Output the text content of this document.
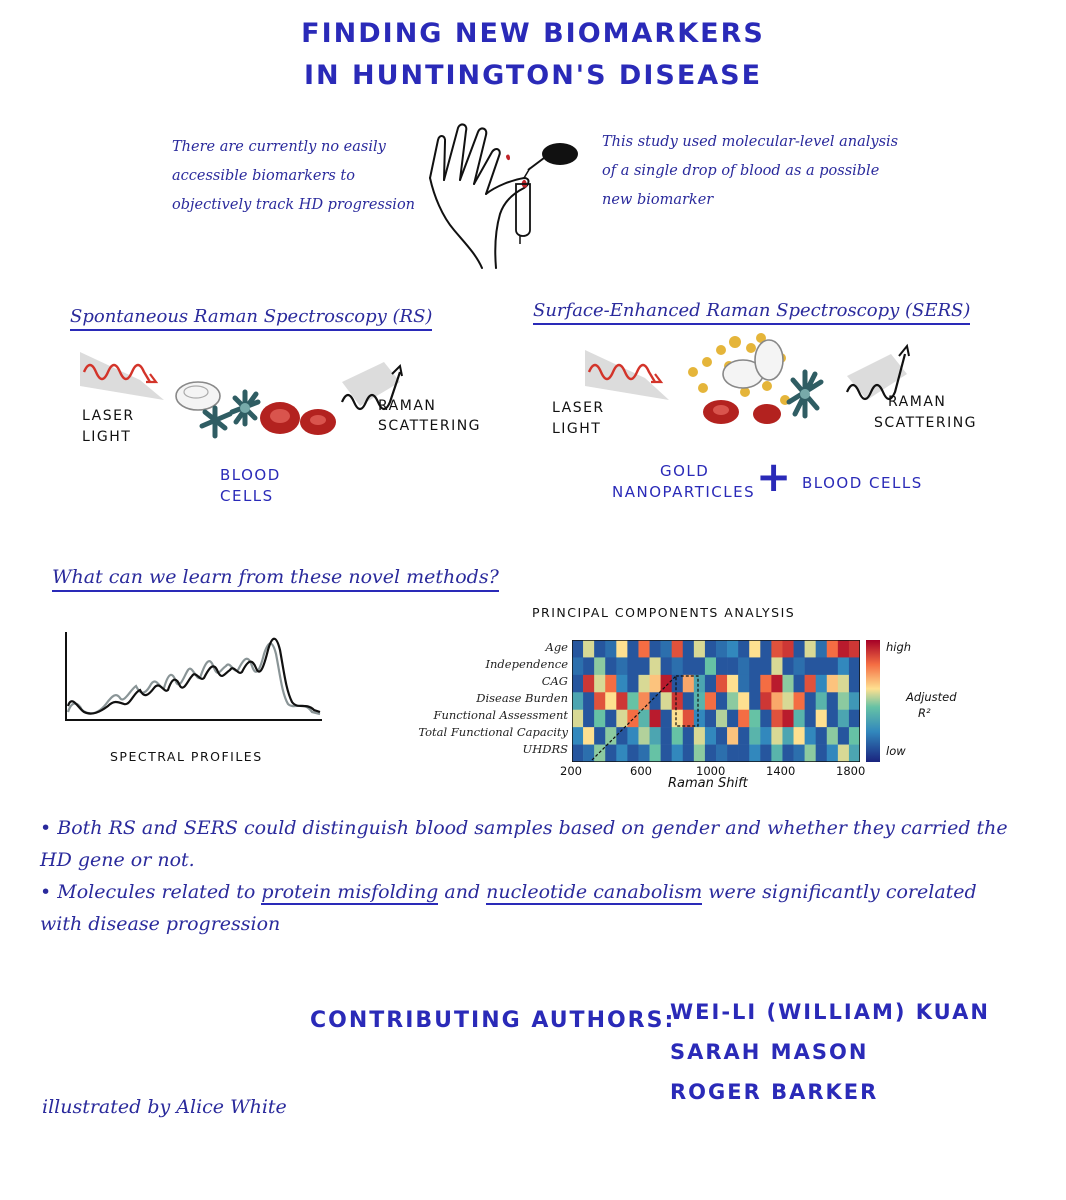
FINDING NEW BIOMARKERS
IN HUNTINGTON'S DISEASE
There are currently no easily accessible biomarkers to objectively track HD progression
This study used molecular-level analysis of a single drop of blood as a possible new biomarker
Spontaneous Raman Spectroscopy (RS)
LASER
LIGHT
RAMAN
SCATTERING
BLOOD
CELLS
Surface-Enhanced Raman Spectroscopy (SERS)
LASER
LIGHT
RAMAN
SCATTERING
GOLD
NANOPARTICLES + BLOOD CELLS
What can we learn from these novel methods?
SPECTRAL PROFILES
PRINCIPAL COMPONENTS ANALYSIS
Age
Independence
CAG
Disease Burden
Functional Assessment
Total Functional Capacity
UHDRS
high
low
Adjusted
R²
200	600	1000	1400	1800
Raman Shift
• Both RS and SERS could distinguish blood samples based on gender and whether they carried the HD gene or not.
• Molecules related to protein misfolding and nucleotide canabolism were significantly corelated with disease progression
CONTRIBUTING AUTHORS:
WEI-LI (WILLIAM) KUAN
SARAH MASON
ROGER BARKER
illustrated by Alice White
